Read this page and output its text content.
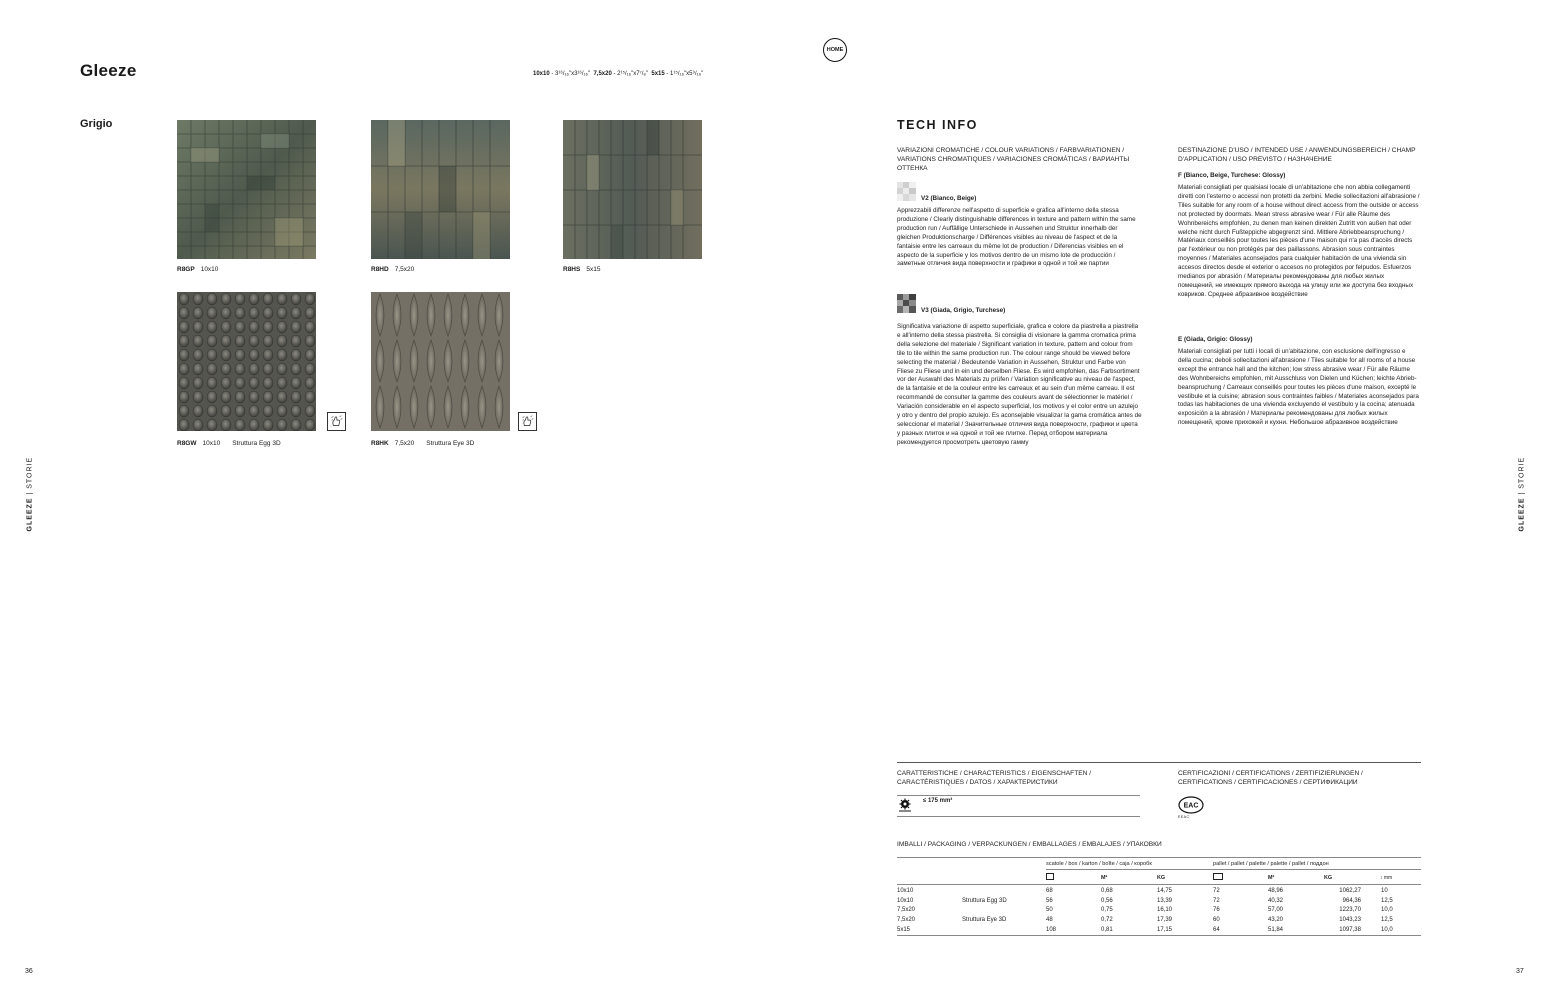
Gleeze	10x10 - 3¹⁶/₁₆"x3¹⁶/₁₆" 7,5x20 - 2¹⁵/₁₆"x7⁷/₈" 5x15 - 1¹⁵/₁₆"x5⁹/₁₆"
HOME
Grigio
R8GP 10x10	R8HD 7,5x20	R8HS 5x15
R8GW 10x10 Struttura Egg 3D	R8HK 7,5x20 Struttura Eye 3D
GLEEZE | STORIE
GLEEZE | STORIE
36	37
TECH INFO
VARIAZIONI CROMATICHE / COLOUR VARIATIONS / FARBVARIATIONEN / VARIATIONS CHROMATIQUES / VARIACIONES CROMÁTICAS / ВАРИАНТЫ ОТТЕНКА
V2 (Bianco, Beige)
Apprezzabili differenze nell'aspetto di superficie e grafica all'interno della stessa produzione / Clearly distinguishable differences in texture and pattern within the same production run / Auffällige Unterschiede in Aussehen und Struktur innerhalb der gleichen Produktionscharge / Différences visibles au niveau de l'aspect et de la fantaisie entre les carreaux du même lot de production / Diferencias visibles en el aspecto de la superficie y los motivos dentro de un mismo lote de producción / заметные отличия вида поверхности и графики в одной и той же партии
V3 (Giada, Grigio, Turchese)
Significativa variazione di aspetto superficiale, grafica e colore da piastrella a piastrella e all'interno della stessa piastrella. Si consiglia di visionare la gamma cromatica prima della selezione del materiale / Significant variation in texture, pattern and colour from tile to tile within the same production run. The colour range should be viewed before selecting the material / Bedeutende Variation in Aussehen, Struktur und Farbe von Fliese zu Fliese und in ein und derselben Fliese. Es wird empfohlen, das Farbsortiment vor der Auswahl des Materials zu prüfen / Variation significative au niveau de l'aspect, de la fantaisie et de la couleur entre les carreaux et au sein d'un même carreau. Il est recommandé de consulter la gamme des couleurs avant de sélectionner le matériel / Variación considerable en el aspecto superficial, los motivos y el color entre un azulejo y otro y dentro del propio azulejo. Es aconsejable visualizar la gama cromática antes de seleccionar el material / Значительные отличия вида поверхности, графики и цвета у разных плиток и на одной и той же плитке. Перед отбором материала рекомендуется просмотреть цветовую гамму
DESTINAZIONE D'USO / INTENDED USE / ANWENDUNGSBEREICH / CHAMP D'APPLICATION / USO PREVISTO / НАЗНАЧЕНИЕ
F (Bianco, Beige, Turchese: Glossy)
Materiali consigliati per qualsiasi locale di un'abitazione che non abbia collegamenti diretti con l'esterno o accessi non protetti da zerbini. Medie sollecitazioni all'abrasione / Tiles suitable for any room of a house without direct access from the outside or access not protected by doormats. Mean stress abrasive wear / Für alle Räume des Wohnbereichs empfohlen, zu denen man keinen direkten Zutritt von außen hat oder welche nicht durch Fußteppiche abgegrenzt sind. Mittlere Abriebbeanspruchung / Matériaux conseillés pour toutes les pièces d'une maison qui n'a pas d'accès directs par l'extérieur ou non protégés par des paillassons. Abrasion sous contraintes moyennes / Materiales aconsejados para cualquier habitación de una vivienda sin accesos directos desde el exterior o accesos no protegidos por felpudos. Esfuerzos medianos por abrasión / Материалы рекомендованы для любых жилых помещений, не имеющих прямого выхода на улицу или же доступа без входных ковриков. Среднее абразивное воздействие
E (Giada, Grigio: Glossy)
Materiali consigliati per tutti i locali di un'abitazione, con esclusione dell'ingresso e della cucina; deboli sollecitazioni all'abrasione / Tiles suitable for all rooms of a house except the entrance hall and the kitchen; low stress abrasive wear / Für alle Räume des Wohnbereichs empfohlen, mit Ausschluss von Dielen und Küchen; leichte Abrieb-beanspruchung / Carreaux conseillés pour toutes les pièces d'une maison, excepté le vestibule et la cuisine; abrasion sous contraintes faibles / Materiales aconsejados para todas las habitaciones de una vivienda excluyendo el vestíbulo y la cocina; atenuada exposición a la abrasión / Материалы рекомендованы для любых жилых помещений, кроме прихожей и кухни. Небольшое абразивное воздействие
CARATTERISTICHE / CHARACTERISTICS / EIGENSCHAFTEN / CARACTÉRISTIQUES / DATOS / ХАРАКТЕРИСТИКИ
≤ 175 mm³
CERTIFICAZIONI / CERTIFICATIONS / ZERTIFIZIERUNGEN / CERTIFICATIONS / CERTIFICACIONES / СЕРТИФИКАЦИИ
EAC
EEAC
IMBALLI / PACKAGING / VERPACKUNGEN / EMBALLAGES / EMBALAJES / УПАКОВКИ
scatole / box / karton / boîte / caja / коробк	pallet / pallet / palette / palette / pallet / поддон
M²	KG	M²	KG	↕ mm
10x10		68	0,68	14,75	72	48,96	1062,27	10
10x10	Struttura Egg 3D	56	0,56	13,39	72	40,32	964,36	12,5
7,5x20		50	0,75	16,10	76	57,00	1223,70	10,0
7,5x20	Struttura Eye 3D	48	0,72	17,39	60	43,20	1043,23	12,5
5x15		108	0,81	17,15	64	51,84	1097,38	10,0
